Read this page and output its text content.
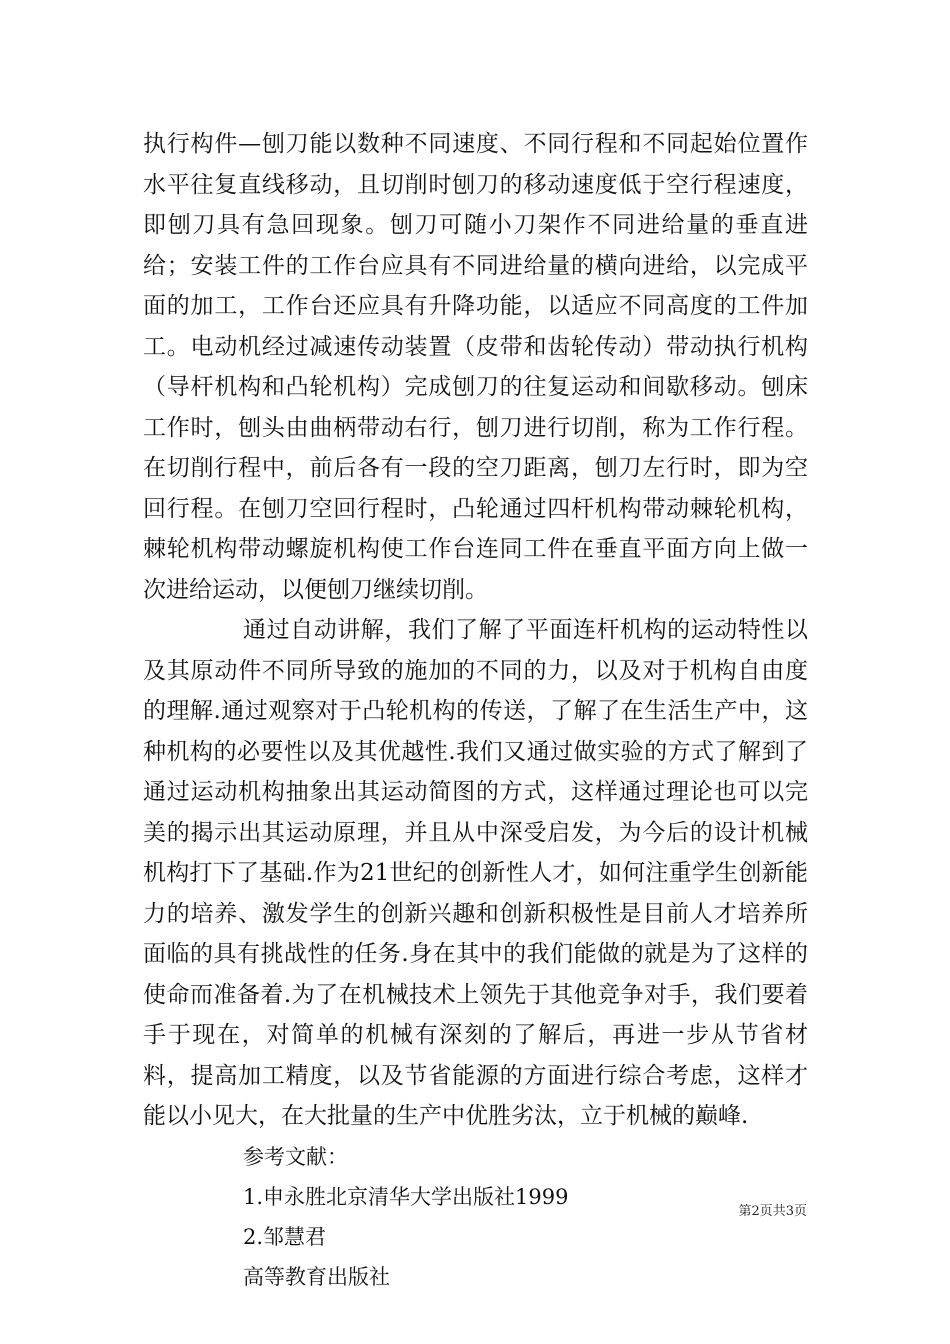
执行构件—刨刀能以数种不同速度、不同行程和不同起始位置作水平往复直线移动，且切削时刨刀的移动速度低于空行程速度，即刨刀具有急回现象。刨刀可随小刀架作不同进给量的垂直进给；安装工件的工作台应具有不同进给量的横向进给，以完成平面的加工，工作台还应具有升降功能，以适应不同高度的工件加工。电动机经过减速传动装置（皮带和齿轮传动）带动执行机构（导杆机构和凸轮机构）完成刨刀的往复运动和间歇移动。刨床工作时，刨头由曲柄带动右行，刨刀进行切削，称为工作行程。在切削行程中，前后各有一段的空刀距离，刨刀左行时，即为空回行程。在刨刀空回行程时，凸轮通过四杆机构带动棘轮机构，棘轮机构带动螺旋机构使工作台连同工件在垂直平面方向上做一次进给运动，以便刨刀继续切削。

通过自动讲解，我们了解了平面连杆机构的运动特性以及其原动件不同所导致的施加的不同的力，以及对于机构自由度的理解.通过观察对于凸轮机构的传送，了解了在生活生产中，这种机构的必要性以及其优越性.我们又通过做实验的方式了解到了通过运动机构抽象出其运动简图的方式，这样通过理论也可以完美的揭示出其运动原理，并且从中深受启发，为今后的设计机械机构打下了基础.作为21世纪的创新性人才，如何注重学生创新能力的培养、激发学生的创新兴趣和创新积极性是目前人才培养所面临的具有挑战性的任务.身在其中的我们能做的就是为了这样的使命而准备着.为了在机械技术上领先于其他竞争对手，我们要着手于现在，对简单的机械有深刻的了解后，再进一步从节省材料，提高加工精度，以及节省能源的方面进行综合考虑，这样才能以小见大，在大批量的生产中优胜劣汰，立于机械的巅峰.

参考文献：

1.申永胜北京清华大学出版社1999
2.邹慧君
高等教育出版社
第2页共3页
